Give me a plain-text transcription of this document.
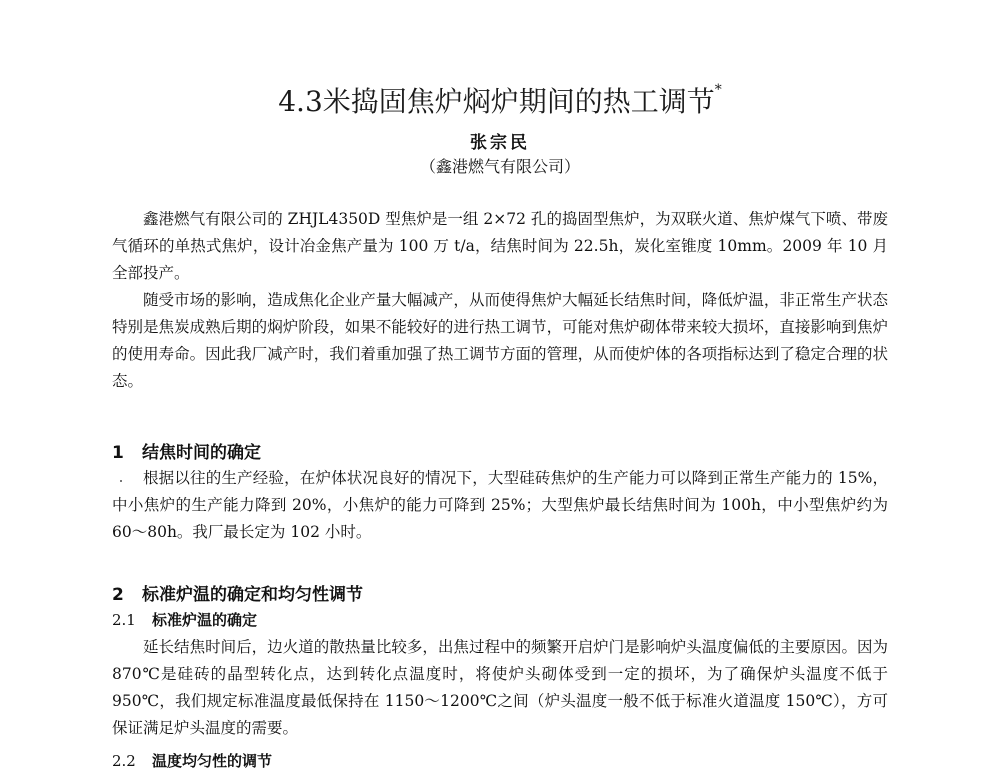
4.3米捣固焦炉焖炉期间的热工调节*
张宗民
（鑫港燃气有限公司）

鑫港燃气有限公司的 ZHJL4350D 型焦炉是一组 2×72 孔的捣固型焦炉，为双联火道、焦炉煤气下喷、带废气循环的单热式焦炉，设计冶金焦产量为 100 万 t/a，结焦时间为 22.5h，炭化室锥度 10mm。2009 年 10 月全部投产。

随受市场的影响，造成焦化企业产量大幅减产，从而使得焦炉大幅延长结焦时间，降低炉温，非正常生产状态特别是焦炭成熟后期的焖炉阶段，如果不能较好的进行热工调节，可能对焦炉砌体带来较大损坏，直接影响到焦炉的使用寿命。因此我厂减产时，我们着重加强了热工调节方面的管理，从而使炉体的各项指标达到了稳定合理的状态。

1 结焦时间的确定

根据以往的生产经验，在炉体状况良好的情况下，大型硅砖焦炉的生产能力可以降到正常生产能力的 15%，中小焦炉的生产能力降到 20%，小焦炉的能力可降到 25%；大型焦炉最长结焦时间为 100h，中小型焦炉约为 60～80h。我厂最长定为 102 小时。

2 标准炉温的确定和均匀性调节
2.1 标准炉温的确定

延长结焦时间后，边火道的散热量比较多，出焦过程中的频繁开启炉门是影响炉头温度偏低的主要原因。因为 870℃是硅砖的晶型转化点，达到转化点温度时，将使炉头砌体受到一定的损坏，为了确保炉头温度不低于 950℃，我们规定标准温度最低保持在 1150～1200℃之间（炉头温度一般不低于标准火道温度 150℃），方可保证满足炉头温度的需要。

2.2 温度均匀性的调节
